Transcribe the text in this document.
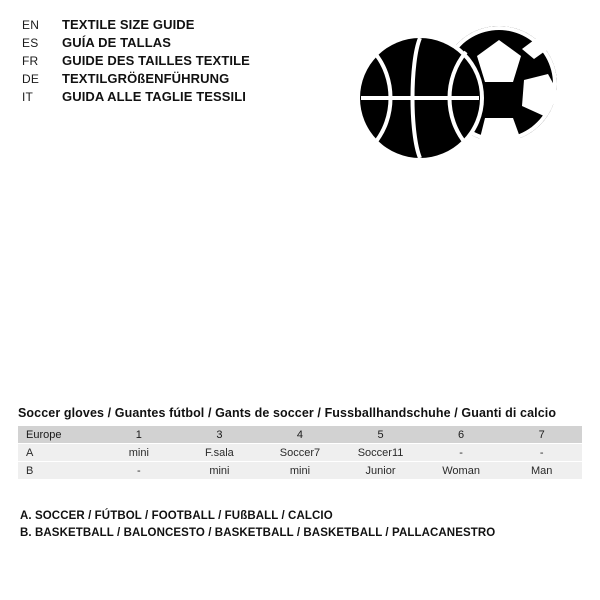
EN	TEXTILE SIZE GUIDE
ES	GUÍA DE TALLAS
FR	GUIDE DES TAILLES TEXTILE
DE	TEXTILGRÖßENFÜHRUNG
IT	GUIDA ALLE TAGLIE TESSILI
Soccer gloves / Guantes fútbol / Gants de soccer / Fussballhandschuhe / Guanti di calcio
Europe	1	3	4	5	6	7
A	mini	F.sala	Soccer7	Soccer11	-	-
B	-	mini	mini	Junior	Woman	Man
A. SOCCER / FÚTBOL / FOOTBALL / FUßBALL / CALCIO
B. BASKETBALL / BALONCESTO / BASKETBALL / BASKETBALL / PALLACANESTRO
